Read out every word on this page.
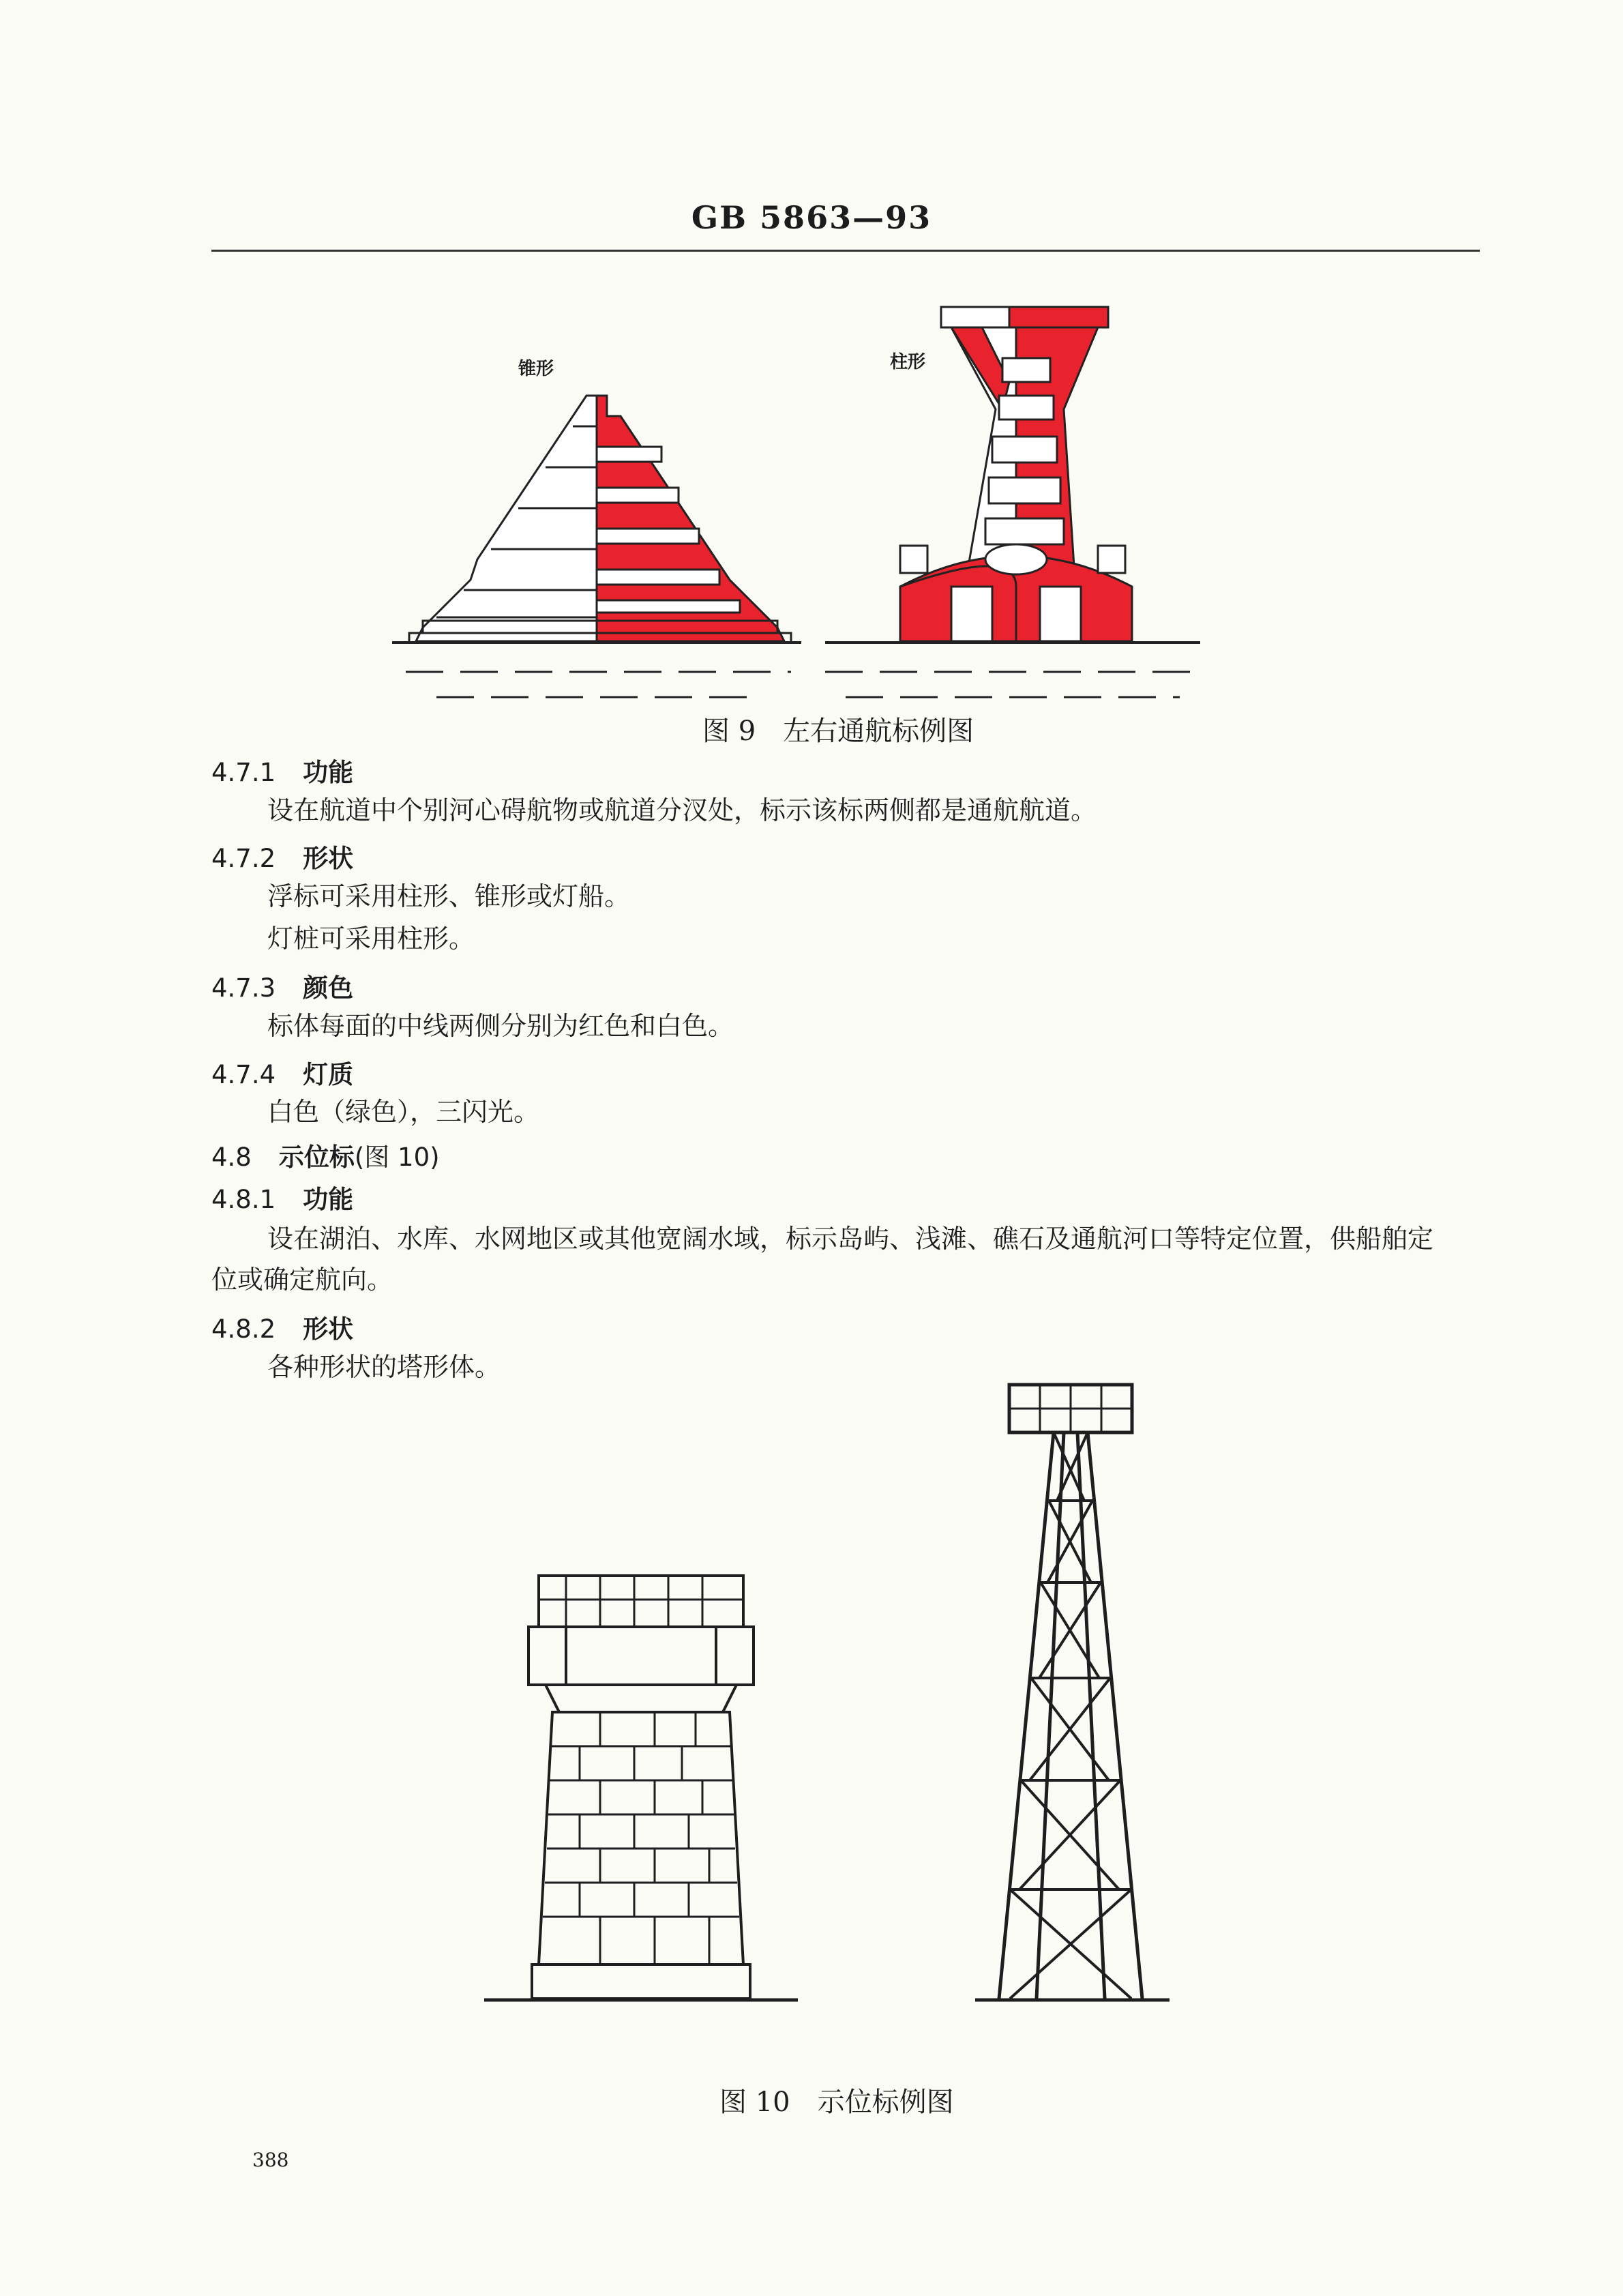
GB 5863—93
锥形	柱形
图 9　左右通航标例图
4.7.1 功能
设在航道中个别河心碍航物或航道分汊处，标示该标两侧都是通航航道。
4.7.2 形状
浮标可采用柱形、锥形或灯船。
灯桩可采用柱形。
4.7.3 颜色
标体每面的中线两侧分别为红色和白色。
4.7.4 灯质
白色（绿色），三闪光。
4.8 示位标(图 10)
4.8.1 功能
设在湖泊、水库、水网地区或其他宽阔水域，标示岛屿、浅滩、礁石及通航河口等特定位置，供船舶定
位或确定航向。
4.8.2 形状
各种形状的塔形体。
图 10　示位标例图
388
